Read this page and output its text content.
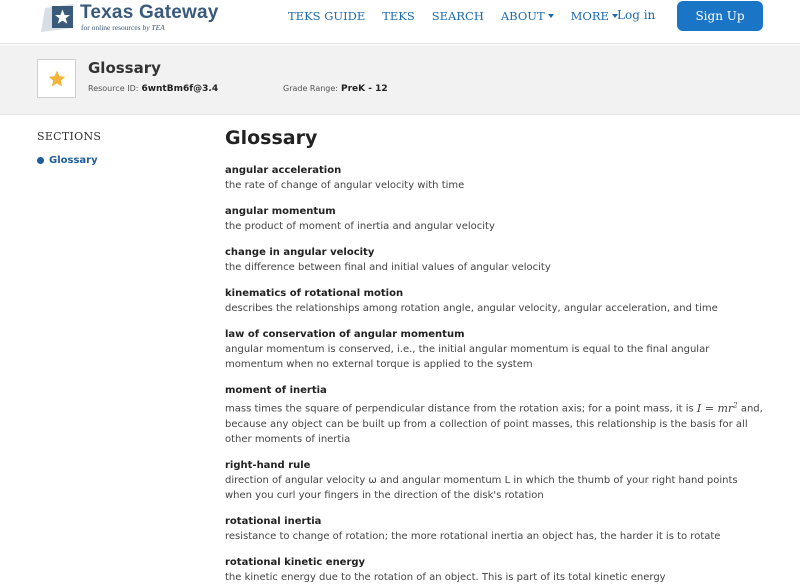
Texas Gateway
for online resources by TEA
TEKS GUIDE TEKS SEARCH ABOUT MORE Log in	Sign Up
Glossary
Resource ID: 6wntBm6f@3.4	Grade Range: PreK - 12
SECTIONS
Glossary
Glossary
angular acceleration
the rate of change of angular velocity with time
angular momentum
the product of moment of inertia and angular velocity
change in angular velocity
the difference between final and initial values of angular velocity
kinematics of rotational motion
describes the relationships among rotation angle, angular velocity, angular acceleration, and time
law of conservation of angular momentum
angular momentum is conserved, i.e., the initial angular momentum is equal to the final angular momentum when no external torque is applied to the system
moment of inertia
mass times the square of perpendicular distance from the rotation axis; for a point mass, it is $I = mr^2$ and, because any object can be built up from a collection of point masses, this relationship is the basis for all other moments of inertia
right-hand rule
direction of angular velocity ω and angular momentum L in which the thumb of your right hand points when you curl your fingers in the direction of the disk's rotation
rotational inertia
resistance to change of rotation; the more rotational inertia an object has, the harder it is to rotate
rotational kinetic energy
the kinetic energy due to the rotation of an object. This is part of its total kinetic energy
